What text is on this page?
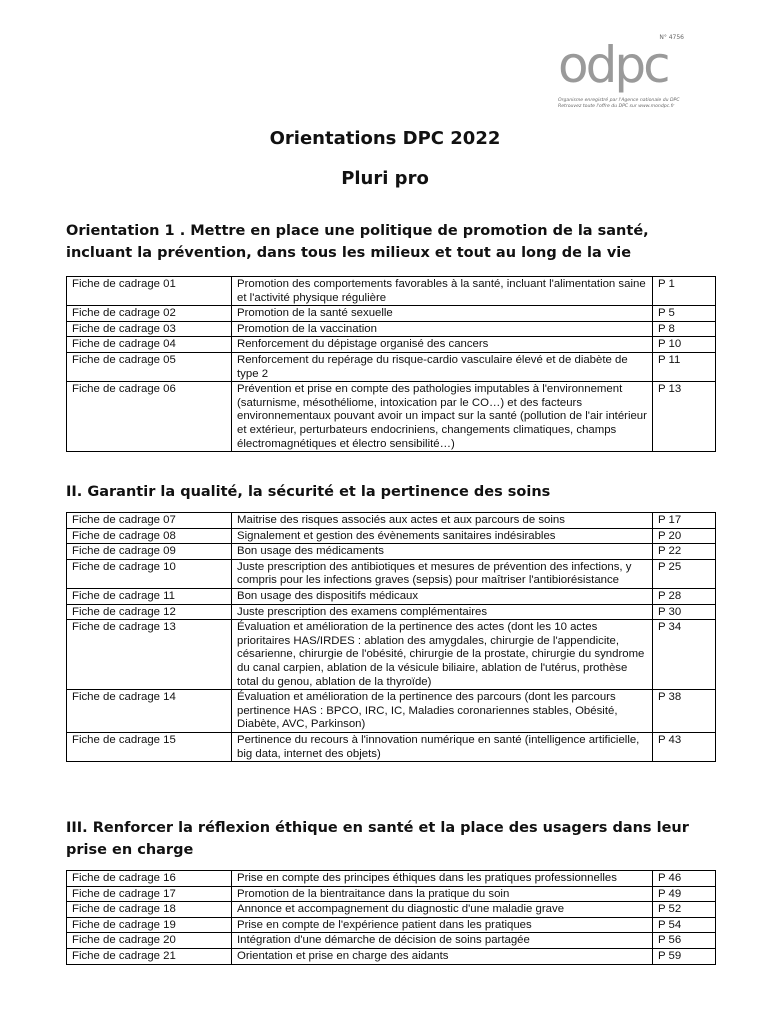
N° 4756
odpc
Organisme enregistré par l'Agence nationale du DPC
Retrouvez toute l'offre du DPC sur www.mondpc.fr
Orientations DPC 2022
Pluri pro
Orientation 1 . Mettre en place une politique de promotion de la santé, incluant la prévention, dans tous les milieux et tout au long de la vie
Fiche de cadrage 01	Promotion des comportements favorables à la santé, incluant l'alimentation saine et l'activité physique régulière	P 1
Fiche de cadrage 02	Promotion de la santé sexuelle	P 5
Fiche de cadrage 03	Promotion de la vaccination	P 8
Fiche de cadrage 04	Renforcement du dépistage organisé des cancers	P 10
Fiche de cadrage 05	Renforcement du repérage du risque-cardio vasculaire élevé et de diabète de type 2	P 11
Fiche de cadrage 06	Prévention et prise en compte des pathologies imputables à l'environnement (saturnisme, mésothéliome, intoxication par le CO…) et des facteurs environnementaux pouvant avoir un impact sur la santé (pollution de l'air intérieur et extérieur, perturbateurs endocriniens, changements climatiques, champs électromagnétiques et électro sensibilité…)	P 13
II. Garantir la qualité, la sécurité et la pertinence des soins
Fiche de cadrage 07	Maitrise des risques associés aux actes et aux parcours de soins	P 17
Fiche de cadrage 08	Signalement et gestion des évènements sanitaires indésirables	P 20
Fiche de cadrage 09	Bon usage des médicaments	P 22
Fiche de cadrage 10	Juste prescription des antibiotiques et mesures de prévention des infections, y compris pour les infections graves (sepsis) pour maîtriser l'antibiorésistance	P 25
Fiche de cadrage 11	Bon usage des dispositifs médicaux	P 28
Fiche de cadrage 12	Juste prescription des examens complémentaires	P 30
Fiche de cadrage 13	Évaluation et amélioration de la pertinence des actes (dont les 10 actes prioritaires HAS/IRDES : ablation des amygdales, chirurgie de l'appendicite, césarienne, chirurgie de l'obésité, chirurgie de la prostate, chirurgie du syndrome du canal carpien, ablation de la vésicule biliaire, ablation de l'utérus, prothèse total du genou, ablation de la thyroïde)	P 34
Fiche de cadrage 14	Évaluation et amélioration de la pertinence des parcours (dont les parcours pertinence HAS : BPCO, IRC, IC, Maladies coronariennes stables, Obésité, Diabète, AVC, Parkinson)	P 38
Fiche de cadrage 15	Pertinence du recours à l'innovation numérique en santé (intelligence artificielle, big data, internet des objets)	P 43
III. Renforcer la réflexion éthique en santé et la place des usagers dans leur prise en charge
Fiche de cadrage 16	Prise en compte des principes éthiques dans les pratiques professionnelles	P 46
Fiche de cadrage 17	Promotion de la bientraitance dans la pratique du soin	P 49
Fiche de cadrage 18	Annonce et accompagnement du diagnostic d'une maladie grave	P 52
Fiche de cadrage 19	Prise en compte de l'expérience patient dans les pratiques	P 54
Fiche de cadrage 20	Intégration d'une démarche de décision de soins partagée	P 56
Fiche de cadrage 21	Orientation et prise en charge des aidants	P 59
